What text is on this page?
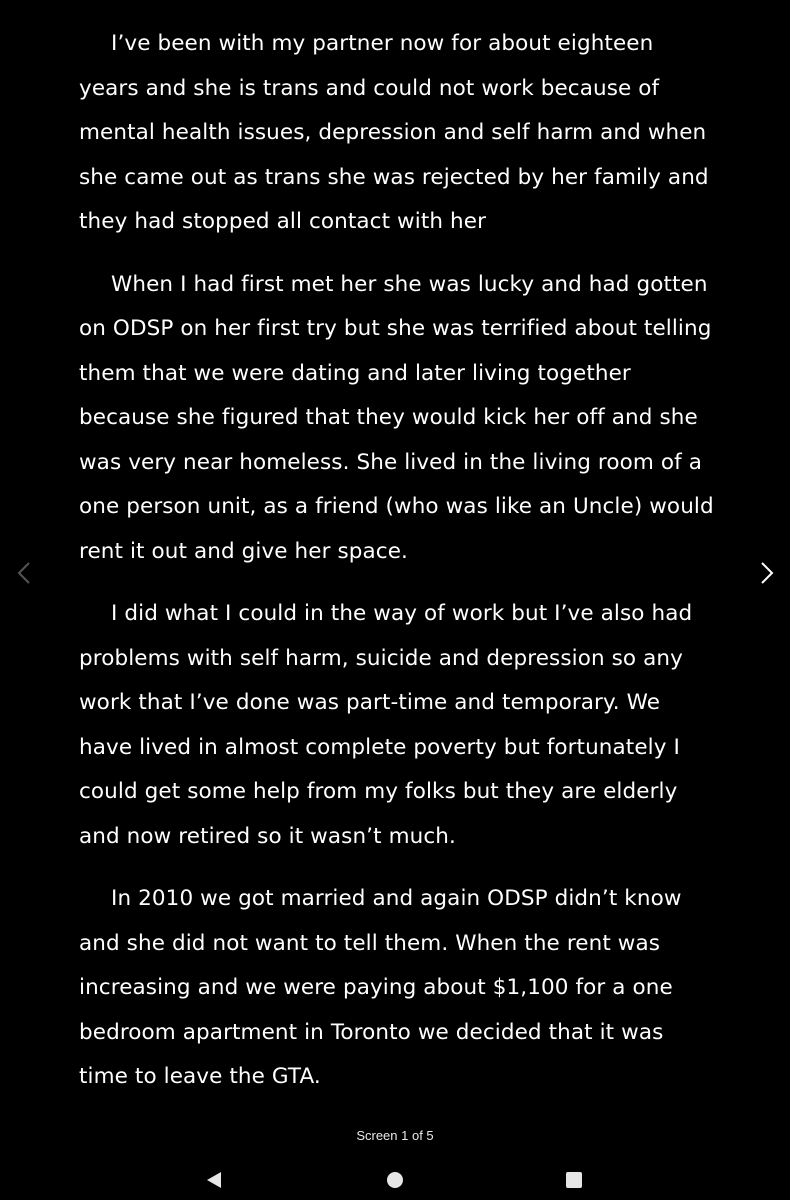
I’ve been with my partner now for about eighteen years and she is trans and could not work because of mental health issues, depression and self harm and when she came out as trans she was rejected by her family and they had stopped all contact with her

When I had first met her she was lucky and had gotten on ODSP on her first try but she was terrified about telling them that we were dating and later living together because she figured that they would kick her off and she was very near homeless. She lived in the living room of a one person unit, as a friend (who was like an Uncle) would rent it out and give her space.

I did what I could in the way of work but I’ve also had problems with self harm, suicide and depression so any work that I’ve done was part-time and temporary. We have lived in almost complete poverty but fortunately I could get some help from my folks but they are elderly and now retired so it wasn’t much.

In 2010 we got married and again ODSP didn’t know and she did not want to tell them. When the rent was increasing and we were paying about $1,100 for a one bedroom apartment in Toronto we decided that it was time to leave the GTA.

Screen 1 of 5
